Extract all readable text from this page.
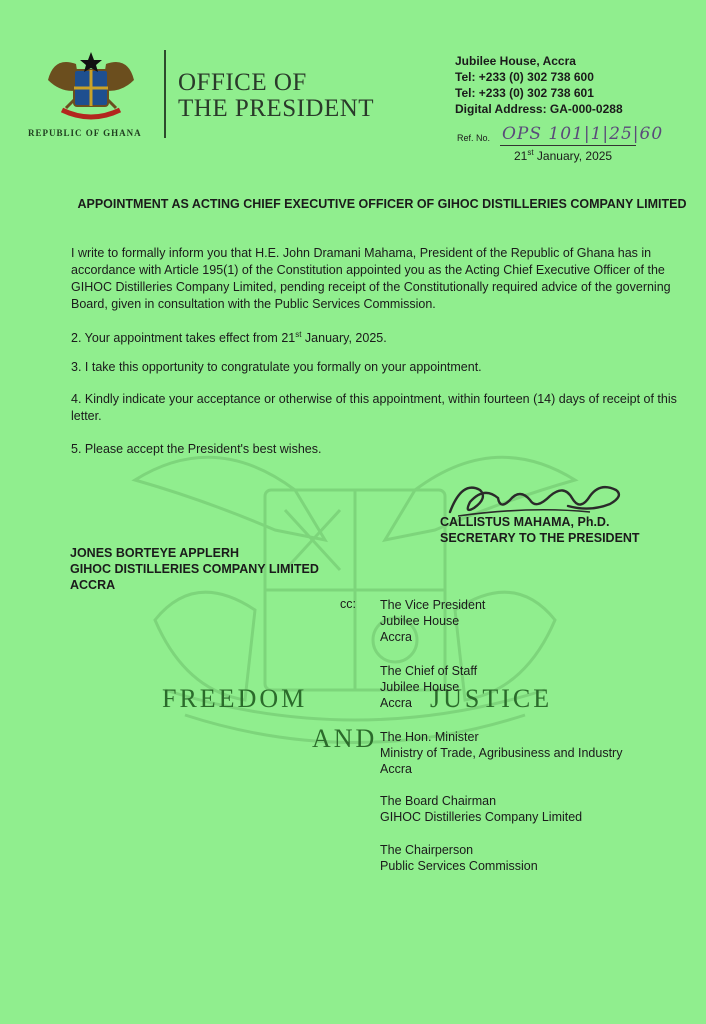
FREEDOM
AND
JUSTICE
REPUBLIC OF GHANA
OFFICE OF
THE PRESIDENT
Jubilee House, Accra
Tel: +233 (0) 302 738 600
Tel: +233 (0) 302 738 601
Digital Address: GA-000-0288
Ref. No. OPS 101|1|25|60
21st January, 2025
APPOINTMENT AS ACTING CHIEF EXECUTIVE OFFICER OF GIHOC DISTILLERIES COMPANY LIMITED
I write to formally inform you that H.E. John Dramani Mahama, President of the Republic of Ghana has in accordance with Article 195(1) of the Constitution appointed you as the Acting Chief Executive Officer of the GIHOC Distilleries Company Limited, pending receipt of the Constitutionally required advice of the governing Board, given in consultation with the Public Services Commission.
2. Your appointment takes effect from 21st January, 2025.
3. I take this opportunity to congratulate you formally on your appointment.
4. Kindly indicate your acceptance or otherwise of this appointment, within fourteen (14) days of receipt of this letter.
5. Please accept the President's best wishes.
CALLISTUS MAHAMA, Ph.D.
SECRETARY TO THE PRESIDENT
JONES BORTEYE APPLERH
GIHOC DISTILLERIES COMPANY LIMITED
ACCRA
cc: The Vice President
Jubilee House
Accra
The Chief of Staff
Jubilee House
Accra
The Hon. Minister
Ministry of Trade, Agribusiness and Industry
Accra
The Board Chairman
GIHOC Distilleries Company Limited
The Chairperson
Public Services Commission
